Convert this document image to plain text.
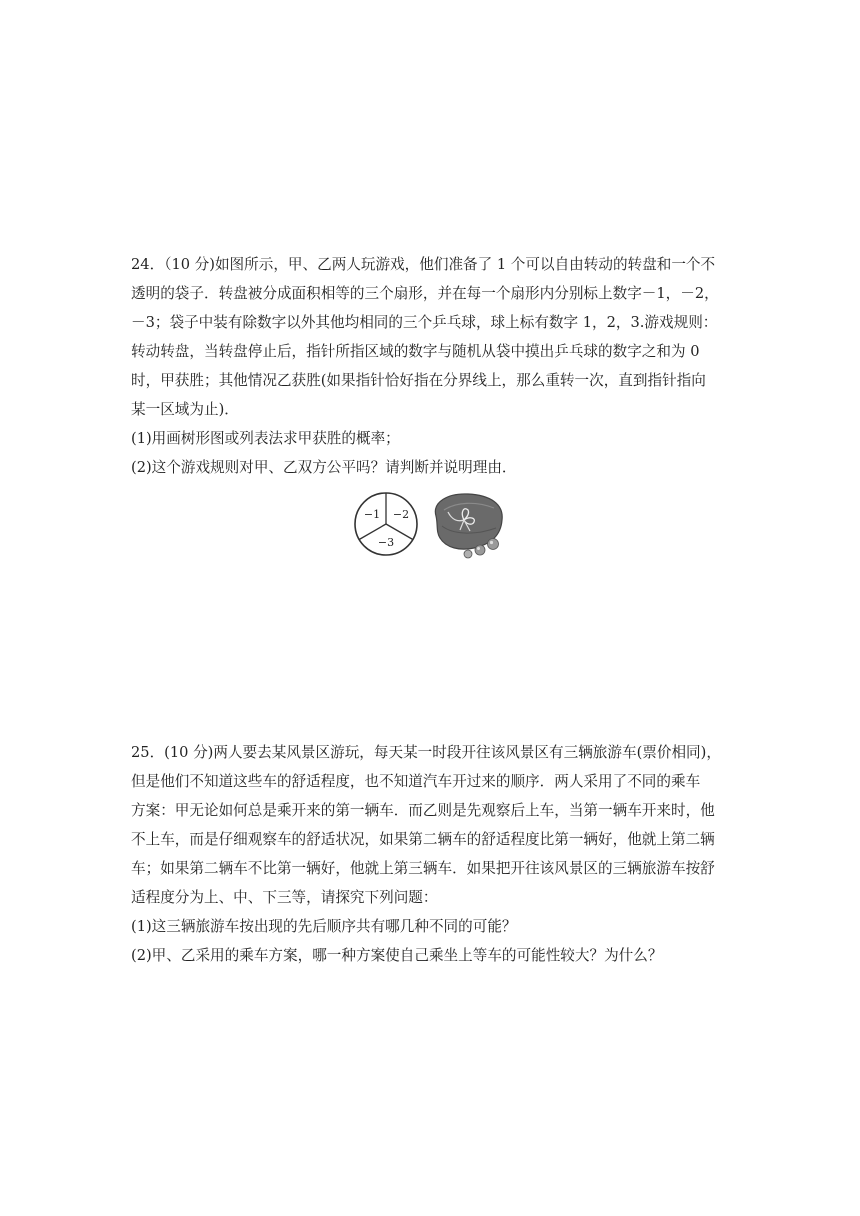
24．（10 分)如图所示，甲、乙两人玩游戏，他们准备了 1 个可以自由转动的转盘和一个不
透明的袋子．转盘被分成面积相等的三个扇形，并在每一个扇形内分别标上数字－1，－2，
－3；袋子中装有除数字以外其他均相同的三个乒乓球，球上标有数字 1，2，3.游戏规则：
转动转盘，当转盘停止后，指针所指区域的数字与随机从袋中摸出乒乓球的数字之和为 0
时，甲获胜；其他情况乙获胜(如果指针恰好指在分界线上，那么重转一次，直到指针指向
某一区域为止)．

(1)用画树形图或列表法求甲获胜的概率；

(2)这个游戏规则对甲、乙双方公平吗？请判断并说明理由．

−1 −2
−3

25．(10 分)两人要去某风景区游玩，每天某一时段开往该风景区有三辆旅游车(票价相同)，
但是他们不知道这些车的舒适程度，也不知道汽车开过来的顺序．两人采用了不同的乘车
方案：甲无论如何总是乘开来的第一辆车．而乙则是先观察后上车，当第一辆车开来时，他
不上车，而是仔细观察车的舒适状况，如果第二辆车的舒适程度比第一辆好，他就上第二辆
车；如果第二辆车不比第一辆好，他就上第三辆车．如果把开往该风景区的三辆旅游车按舒
适程度分为上、中、下三等，请探究下列问题：

(1)这三辆旅游车按出现的先后顺序共有哪几种不同的可能？

(2)甲、乙采用的乘车方案，哪一种方案使自己乘坐上等车的可能性较大？为什么？
